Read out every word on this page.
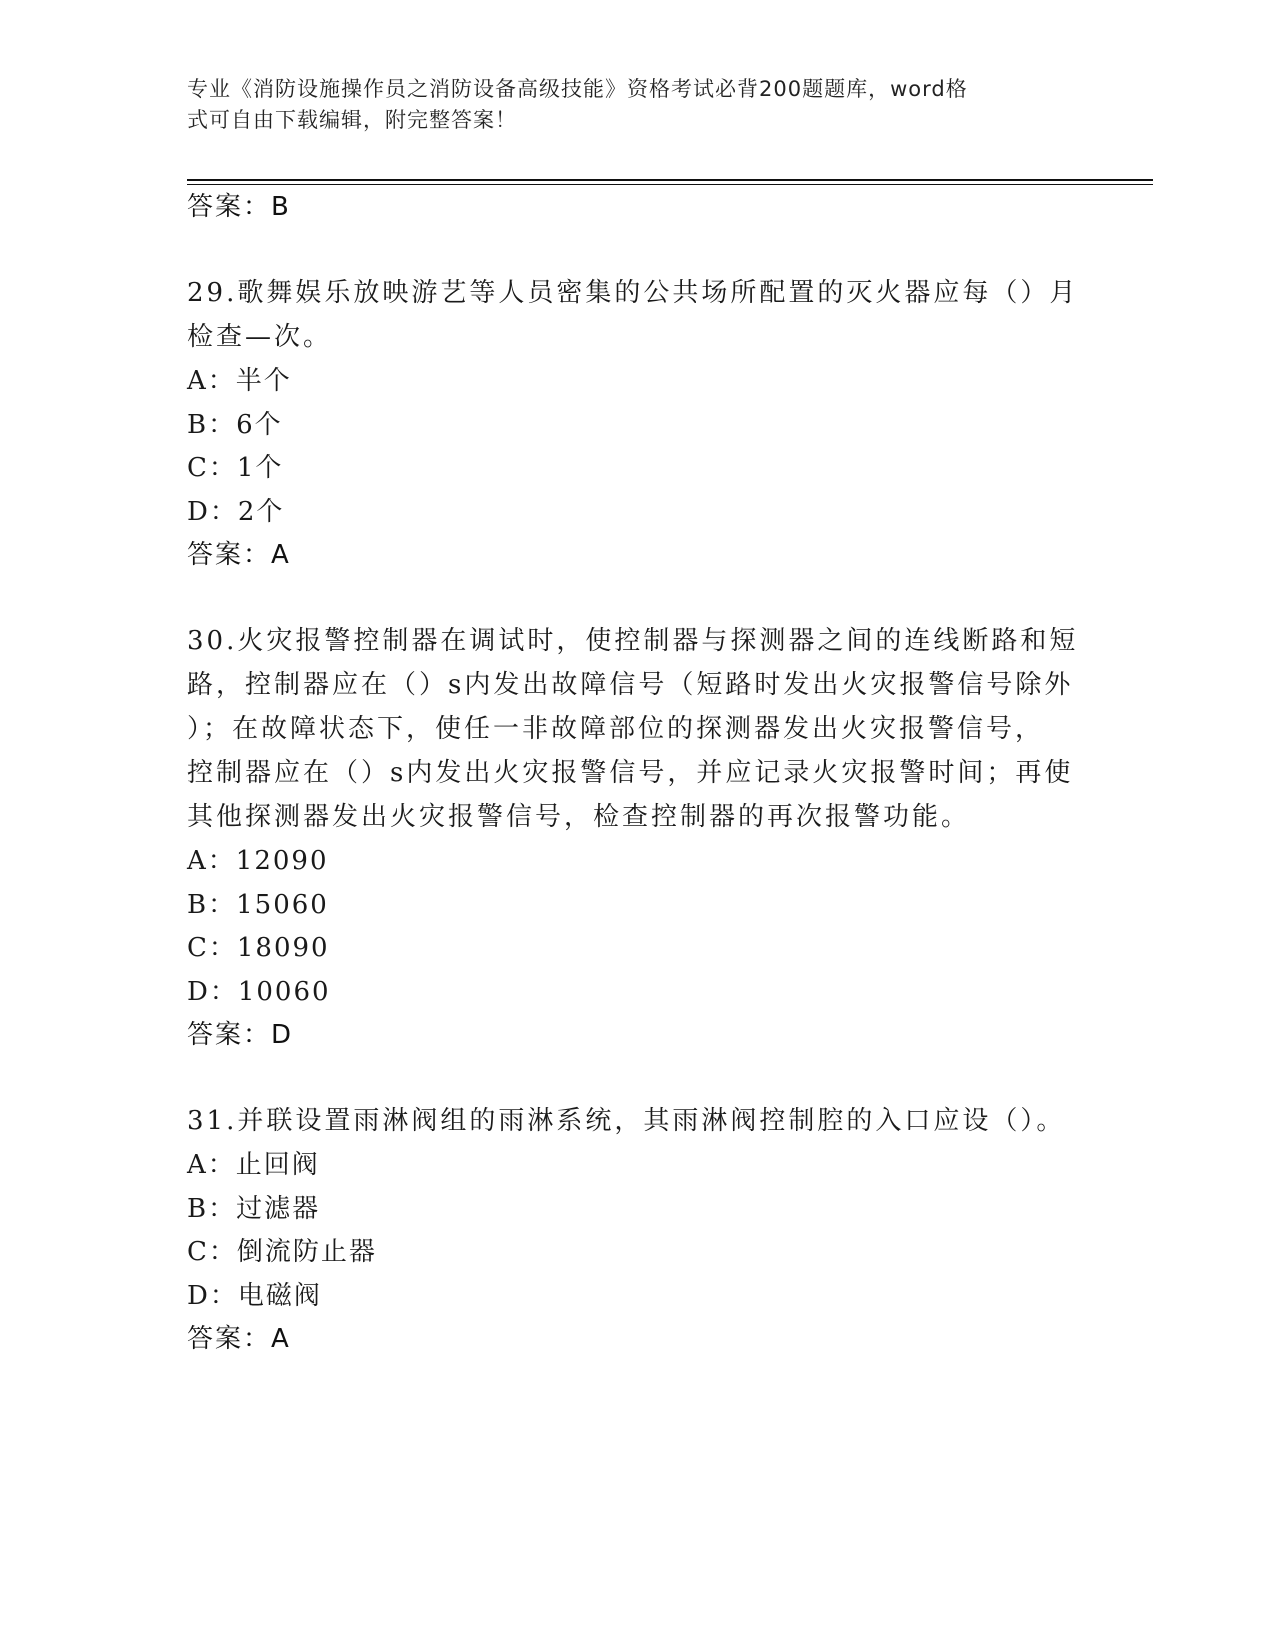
专业《消防设施操作员之消防设备高级技能》资格考试必背200题题库，word格
式可自由下载编辑，附完整答案！
答案：B
29.歌舞娱乐放映游艺等人员密集的公共场所配置的灭火器应每（）月
检查—次。
A：半个
B：6个
C：1个
D：2个
答案：A
30.火灾报警控制器在调试时，使控制器与探测器之间的连线断路和短
路，控制器应在（）s内发出故障信号（短路时发出火灾报警信号除外
）；在故障状态下，使任一非故障部位的探测器发出火灾报警信号，
控制器应在（）s内发出火灾报警信号，并应记录火灾报警时间；再使
其他探测器发出火灾报警信号，检查控制器的再次报警功能。
A：12090
B：15060
C：18090
D：10060
答案：D
31.并联设置雨淋阀组的雨淋系统，其雨淋阀控制腔的入口应设（）。
A：止回阀
B：过滤器
C：倒流防止器
D：电磁阀
答案：A
